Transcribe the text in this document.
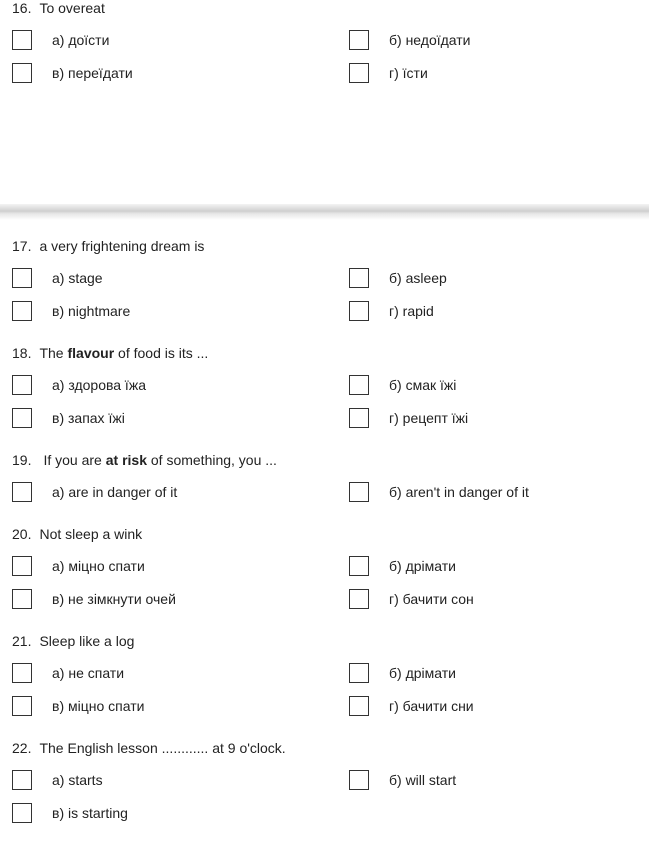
16. To overeat
а) доїсти	б) недоїдати
в) переїдати	г) їсти
17. a very frightening dream is
а) stage	б) asleep
в) nightmare	г) rapid
18. The flavour of food is its ...
а) здорова їжа	б) смак їжі
в) запах їжі	г) рецепт їжі
19. If you are at risk of something, you ...
а) are in danger of it	б) aren't in danger of it
20. Not sleep a wink
а) міцно спати	б) дрімати
в) не зімкнути очей	г) бачити сон
21. Sleep like a log
а) не спати	б) дрімати
в) міцно спати	г) бачити сни
22. The English lesson ............ at 9 o'clock.
а) starts	б) will start
в) is starting
